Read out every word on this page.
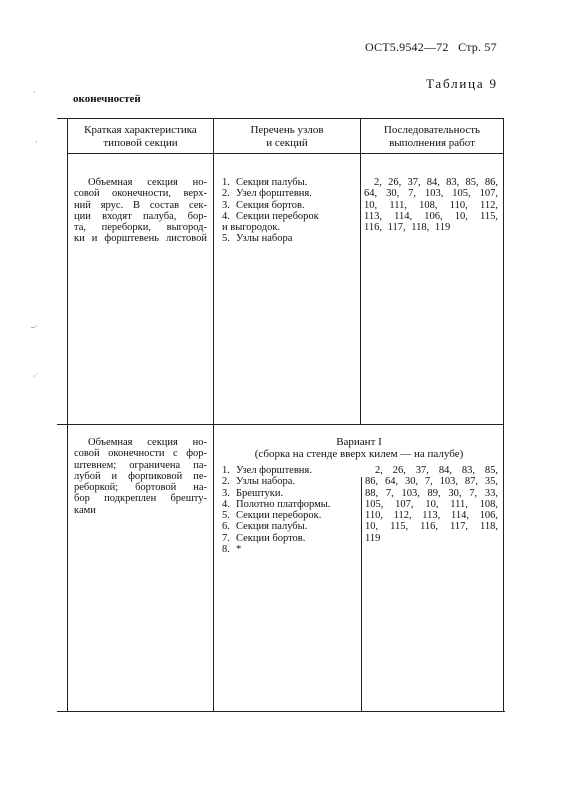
ОСТ5.9542—72 Стр. 57
Таблица 9
оконечностей
Краткая характеристика
типовой секции
Перечень узлов
и секций
Последовательность
выполнения работ
Объемная секция но-
совой оконечности, верх-
ний ярус. В состав сек-
ции входят палуба, бор-
та, переборки, выгород-
ки и форштевень листовой
1. Секция палубы.
2. Узел форштевня.
3. Секция бортов.
4. Секции переборок
и выгородок.
5. Узлы набора
2, 26, 37, 84, 83, 85, 86,
64, 30, 7, 103, 105, 107,
10, 111, 108, 110, 112,
113, 114, 106, 10, 115,
116, 117, 118, 119
Объемная секция но-
совой оконечности с фор-
штевнем; ограничена па-
лубой и форпиковой пе-
реборкой; бортовой на-
бор подкреплен брешту-
ками
Вариант I
(сборка на стенде вверх килем — на палубе)
1. Узел форштевня.
2. Узлы набора.
3. Брештуки.
4. Полотно платформы.
5. Секции переборок.
6. Секция палубы.
7. Секции бортов.
8. *
2, 26, 37, 84, 83, 85,
86, 64, 30, 7, 103, 87, 35,
88, 7, 103, 89, 30, 7, 33,
105, 107, 10, 111, 108,
110, 112, 113, 114, 106,
10, 115, 116, 117, 118,
119
·
·
–·
·˙
